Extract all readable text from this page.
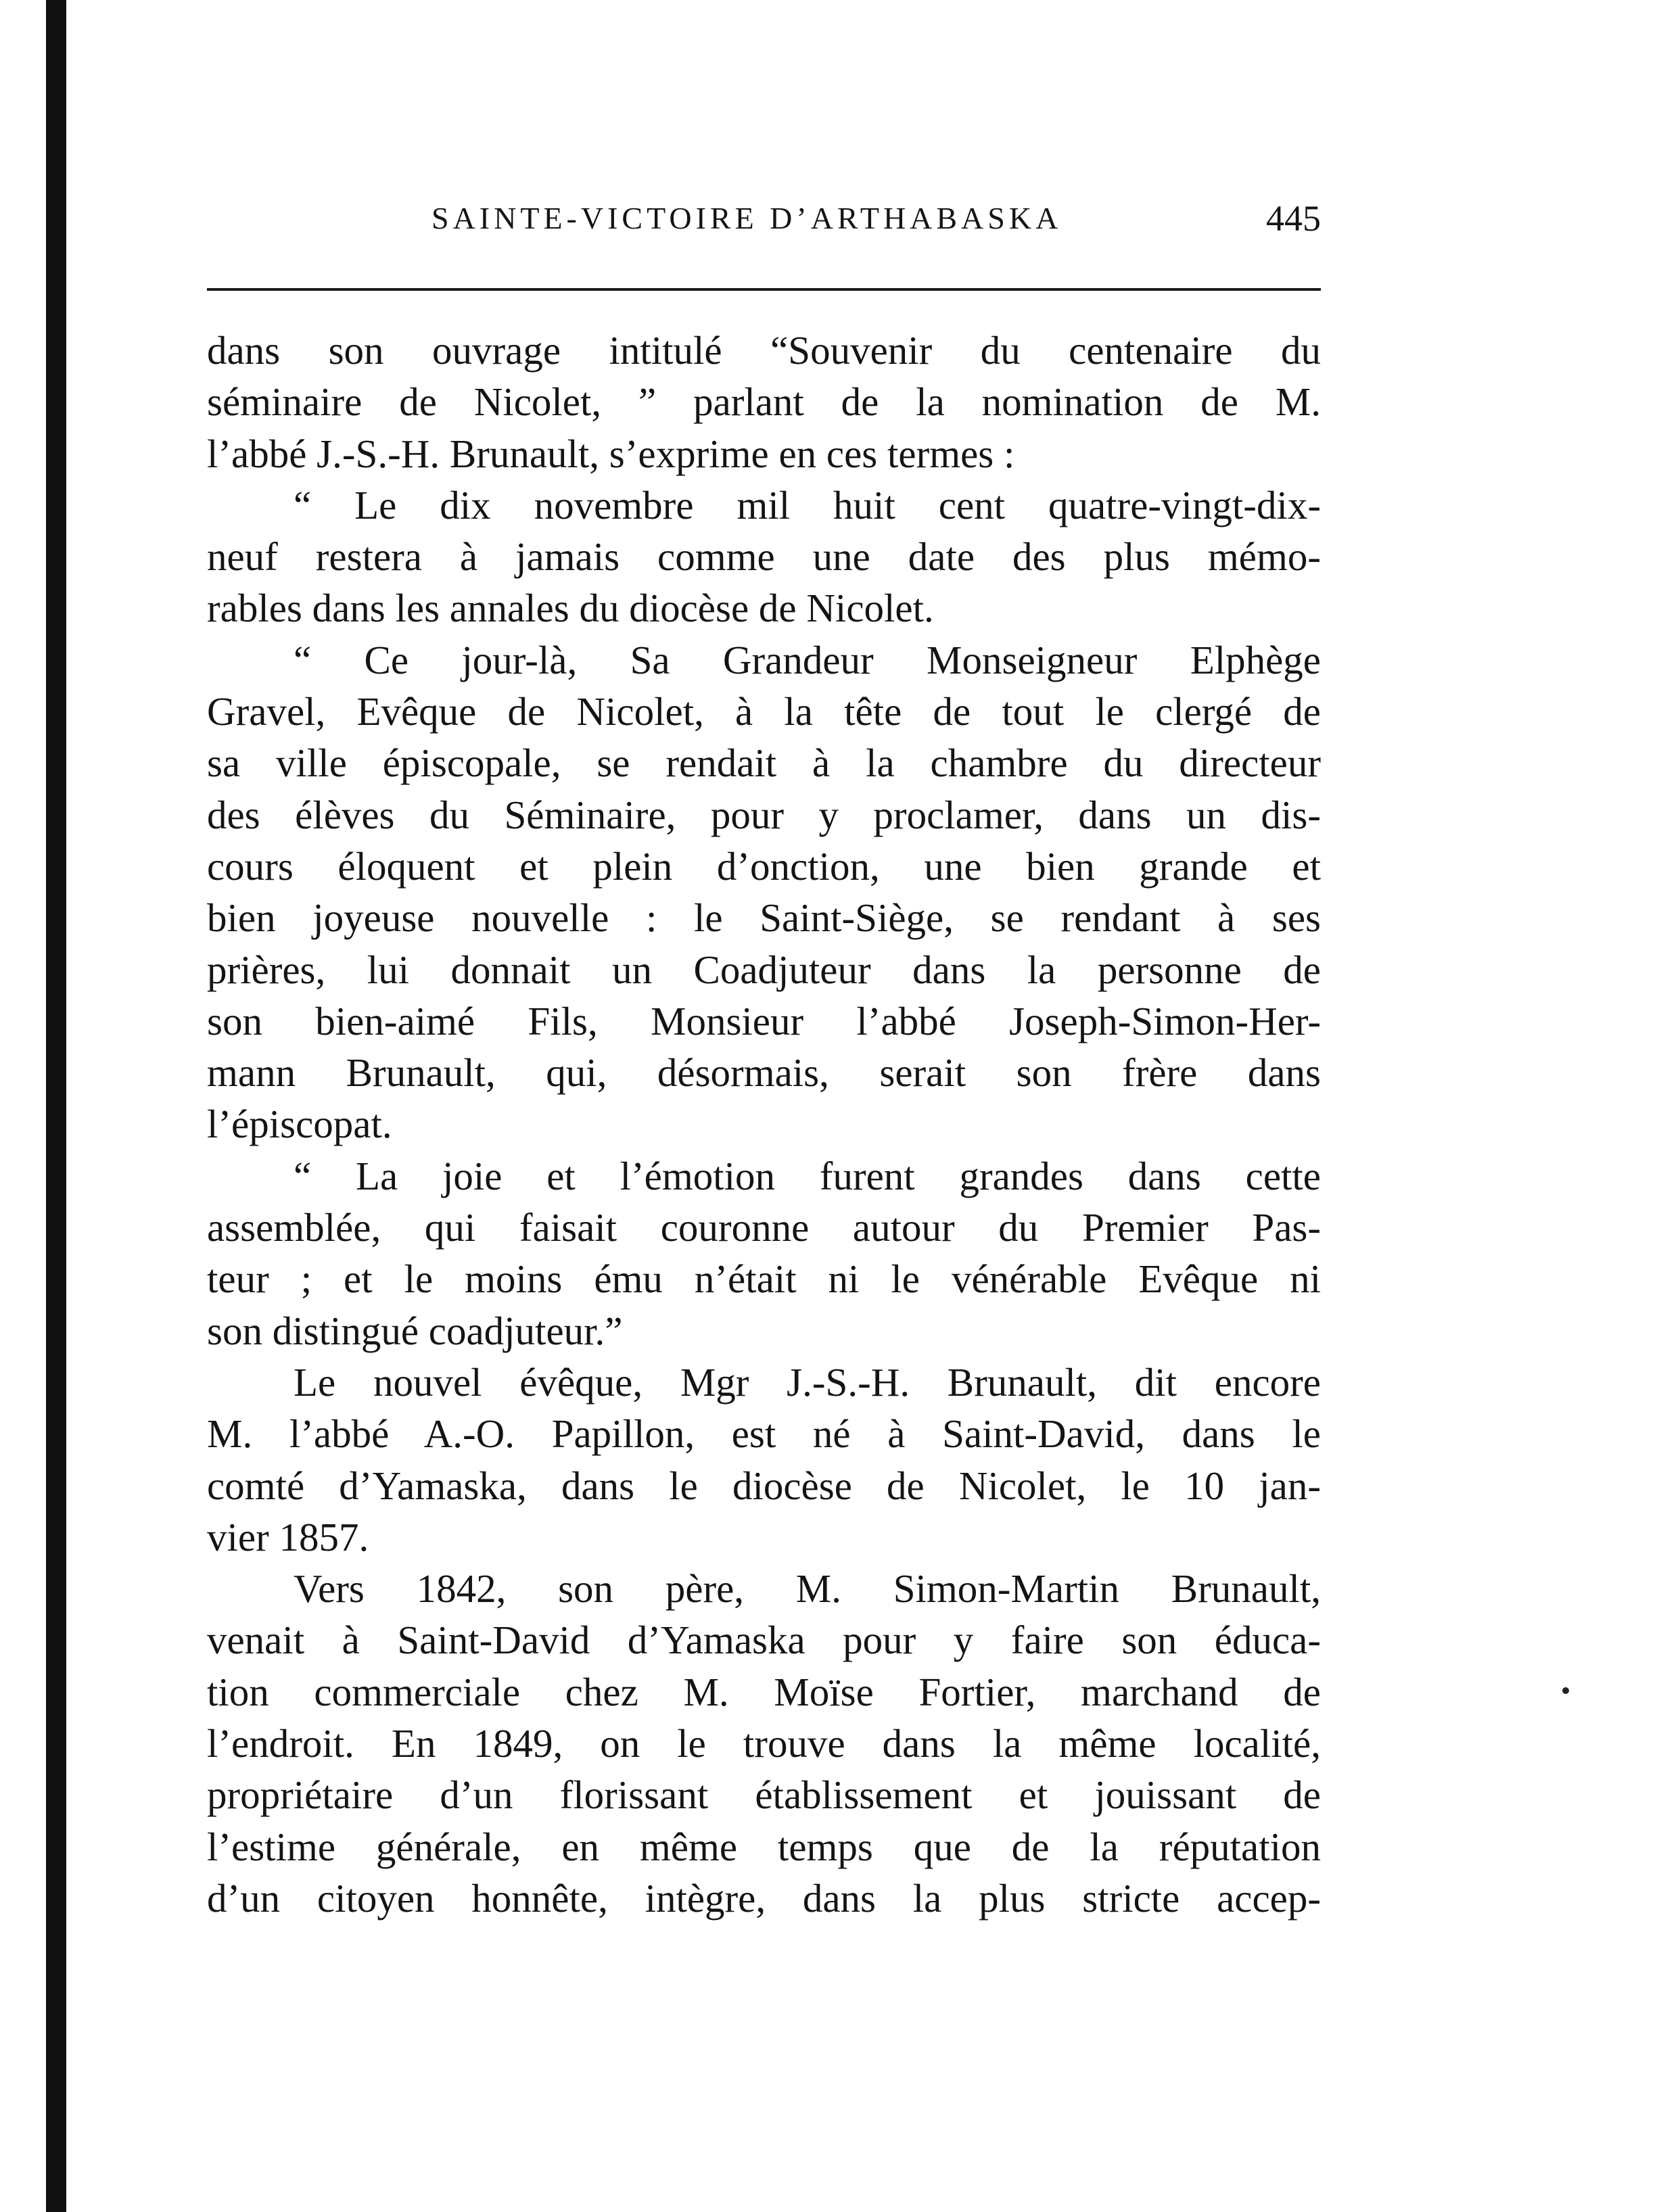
SAINTE-VICTOIRE D’ARTHABASKA	445
dans son ouvrage intitulé “Souvenir du centenaire du
séminaire de Nicolet, ” parlant de la nomination de M.
l’abbé J.-S.-H. Brunault, s’exprime en ces termes :
“ Le dix novembre mil huit cent quatre-vingt-dix-
neuf restera à jamais comme une date des plus mémo-
rables dans les annales du diocèse de Nicolet.
“ Ce jour-là, Sa Grandeur Monseigneur Elphège
Gravel, Evêque de Nicolet, à la tête de tout le clergé de
sa ville épiscopale, se rendait à la chambre du directeur
des élèves du Séminaire, pour y proclamer, dans un dis-
cours éloquent et plein d’onction, une bien grande et
bien joyeuse nouvelle : le Saint-Siège, se rendant à ses
prières, lui donnait un Coadjuteur dans la personne de
son bien-aimé Fils, Monsieur l’abbé Joseph-Simon-Her-
mann Brunault, qui, désormais, serait son frère dans
l’épiscopat.
“ La joie et l’émotion furent grandes dans cette
assemblée, qui faisait couronne autour du Premier Pas-
teur ; et le moins ému n’était ni le vénérable Evêque ni
son distingué coadjuteur.”
Le nouvel évêque, Mgr J.-S.-H. Brunault, dit encore
M. l’abbé A.-O. Papillon, est né à Saint-David, dans le
comté d’Yamaska, dans le diocèse de Nicolet, le 10 jan-
vier 1857.
Vers 1842, son père, M. Simon-Martin Brunault,
venait à Saint-David d’Yamaska pour y faire son éduca-
tion commerciale chez M. Moïse Fortier, marchand de
l’endroit. En 1849, on le trouve dans la même localité,
propriétaire d’un florissant établissement et jouissant de
l’estime générale, en même temps que de la réputation
d’un citoyen honnête, intègre, dans la plus stricte accep-
